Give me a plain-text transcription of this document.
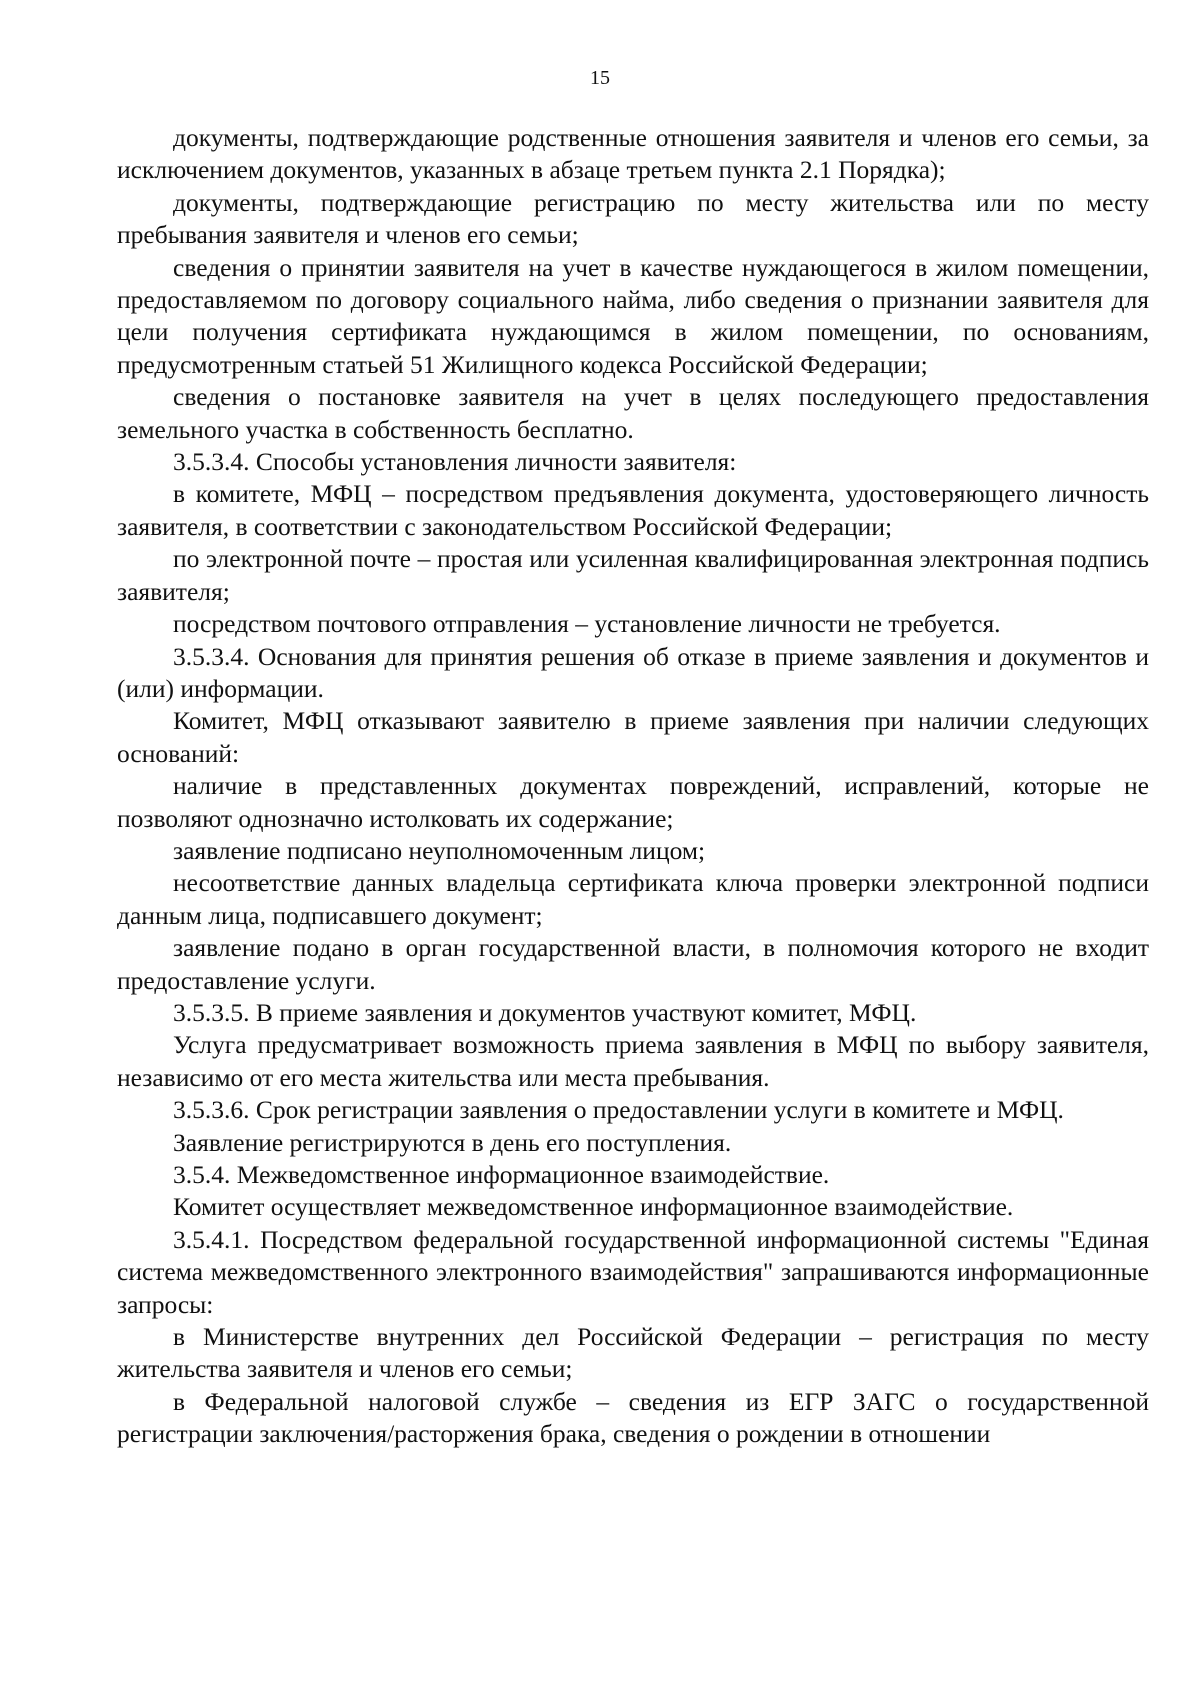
15

документы, подтверждающие родственные отношения заявителя и членов его семьи, за исключением документов, указанных в абзаце третьем пункта 2.1 Порядка);

документы, подтверждающие регистрацию по месту жительства или по месту пребывания заявителя и членов его семьи;

сведения о принятии заявителя на учет в качестве нуждающегося в жилом помещении, предоставляемом по договору социального найма, либо сведения о признании заявителя для цели получения сертификата нуждающимся в жилом помещении, по основаниям, предусмотренным статьей 51 Жилищного кодекса Российской Федерации;

сведения о постановке заявителя на учет в целях последующего предоставления земельного участка в собственность бесплатно.

3.5.3.4. Способы установления личности заявителя:

в комитете, МФЦ – посредством предъявления документа, удостоверяющего личность заявителя, в соответствии с законодательством Российской Федерации;

по электронной почте – простая или усиленная квалифицированная электронная подпись заявителя;

посредством почтового отправления – установление личности не требуется.

3.5.3.4. Основания для принятия решения об отказе в приеме заявления и документов и (или) информации.

Комитет, МФЦ отказывают заявителю в приеме заявления при наличии следующих оснований:

наличие в представленных документах повреждений, исправлений, которые не позволяют однозначно истолковать их содержание;

заявление подписано неуполномоченным лицом;

несоответствие данных владельца сертификата ключа проверки электронной подписи данным лица, подписавшего документ;

заявление подано в орган государственной власти, в полномочия которого не входит предоставление услуги.

3.5.3.5. В приеме заявления и документов участвуют комитет, МФЦ.

Услуга предусматривает возможность приема заявления в МФЦ по выбору заявителя, независимо от его места жительства или места пребывания.

3.5.3.6. Срок регистрации заявления о предоставлении услуги в комитете и МФЦ.

Заявление регистрируются в день его поступления.

3.5.4. Межведомственное информационное взаимодействие.

Комитет осуществляет межведомственное информационное взаимодействие.

3.5.4.1. Посредством федеральной государственной информационной системы "Единая система межведомственного электронного взаимодействия" запрашиваются информационные запросы:

в Министерстве внутренних дел Российской Федерации – регистрация по месту жительства заявителя и членов его семьи;

в Федеральной налоговой службе – сведения из ЕГР ЗАГС о государственной регистрации заключения/расторжения брака, сведения о рождении в отношении
